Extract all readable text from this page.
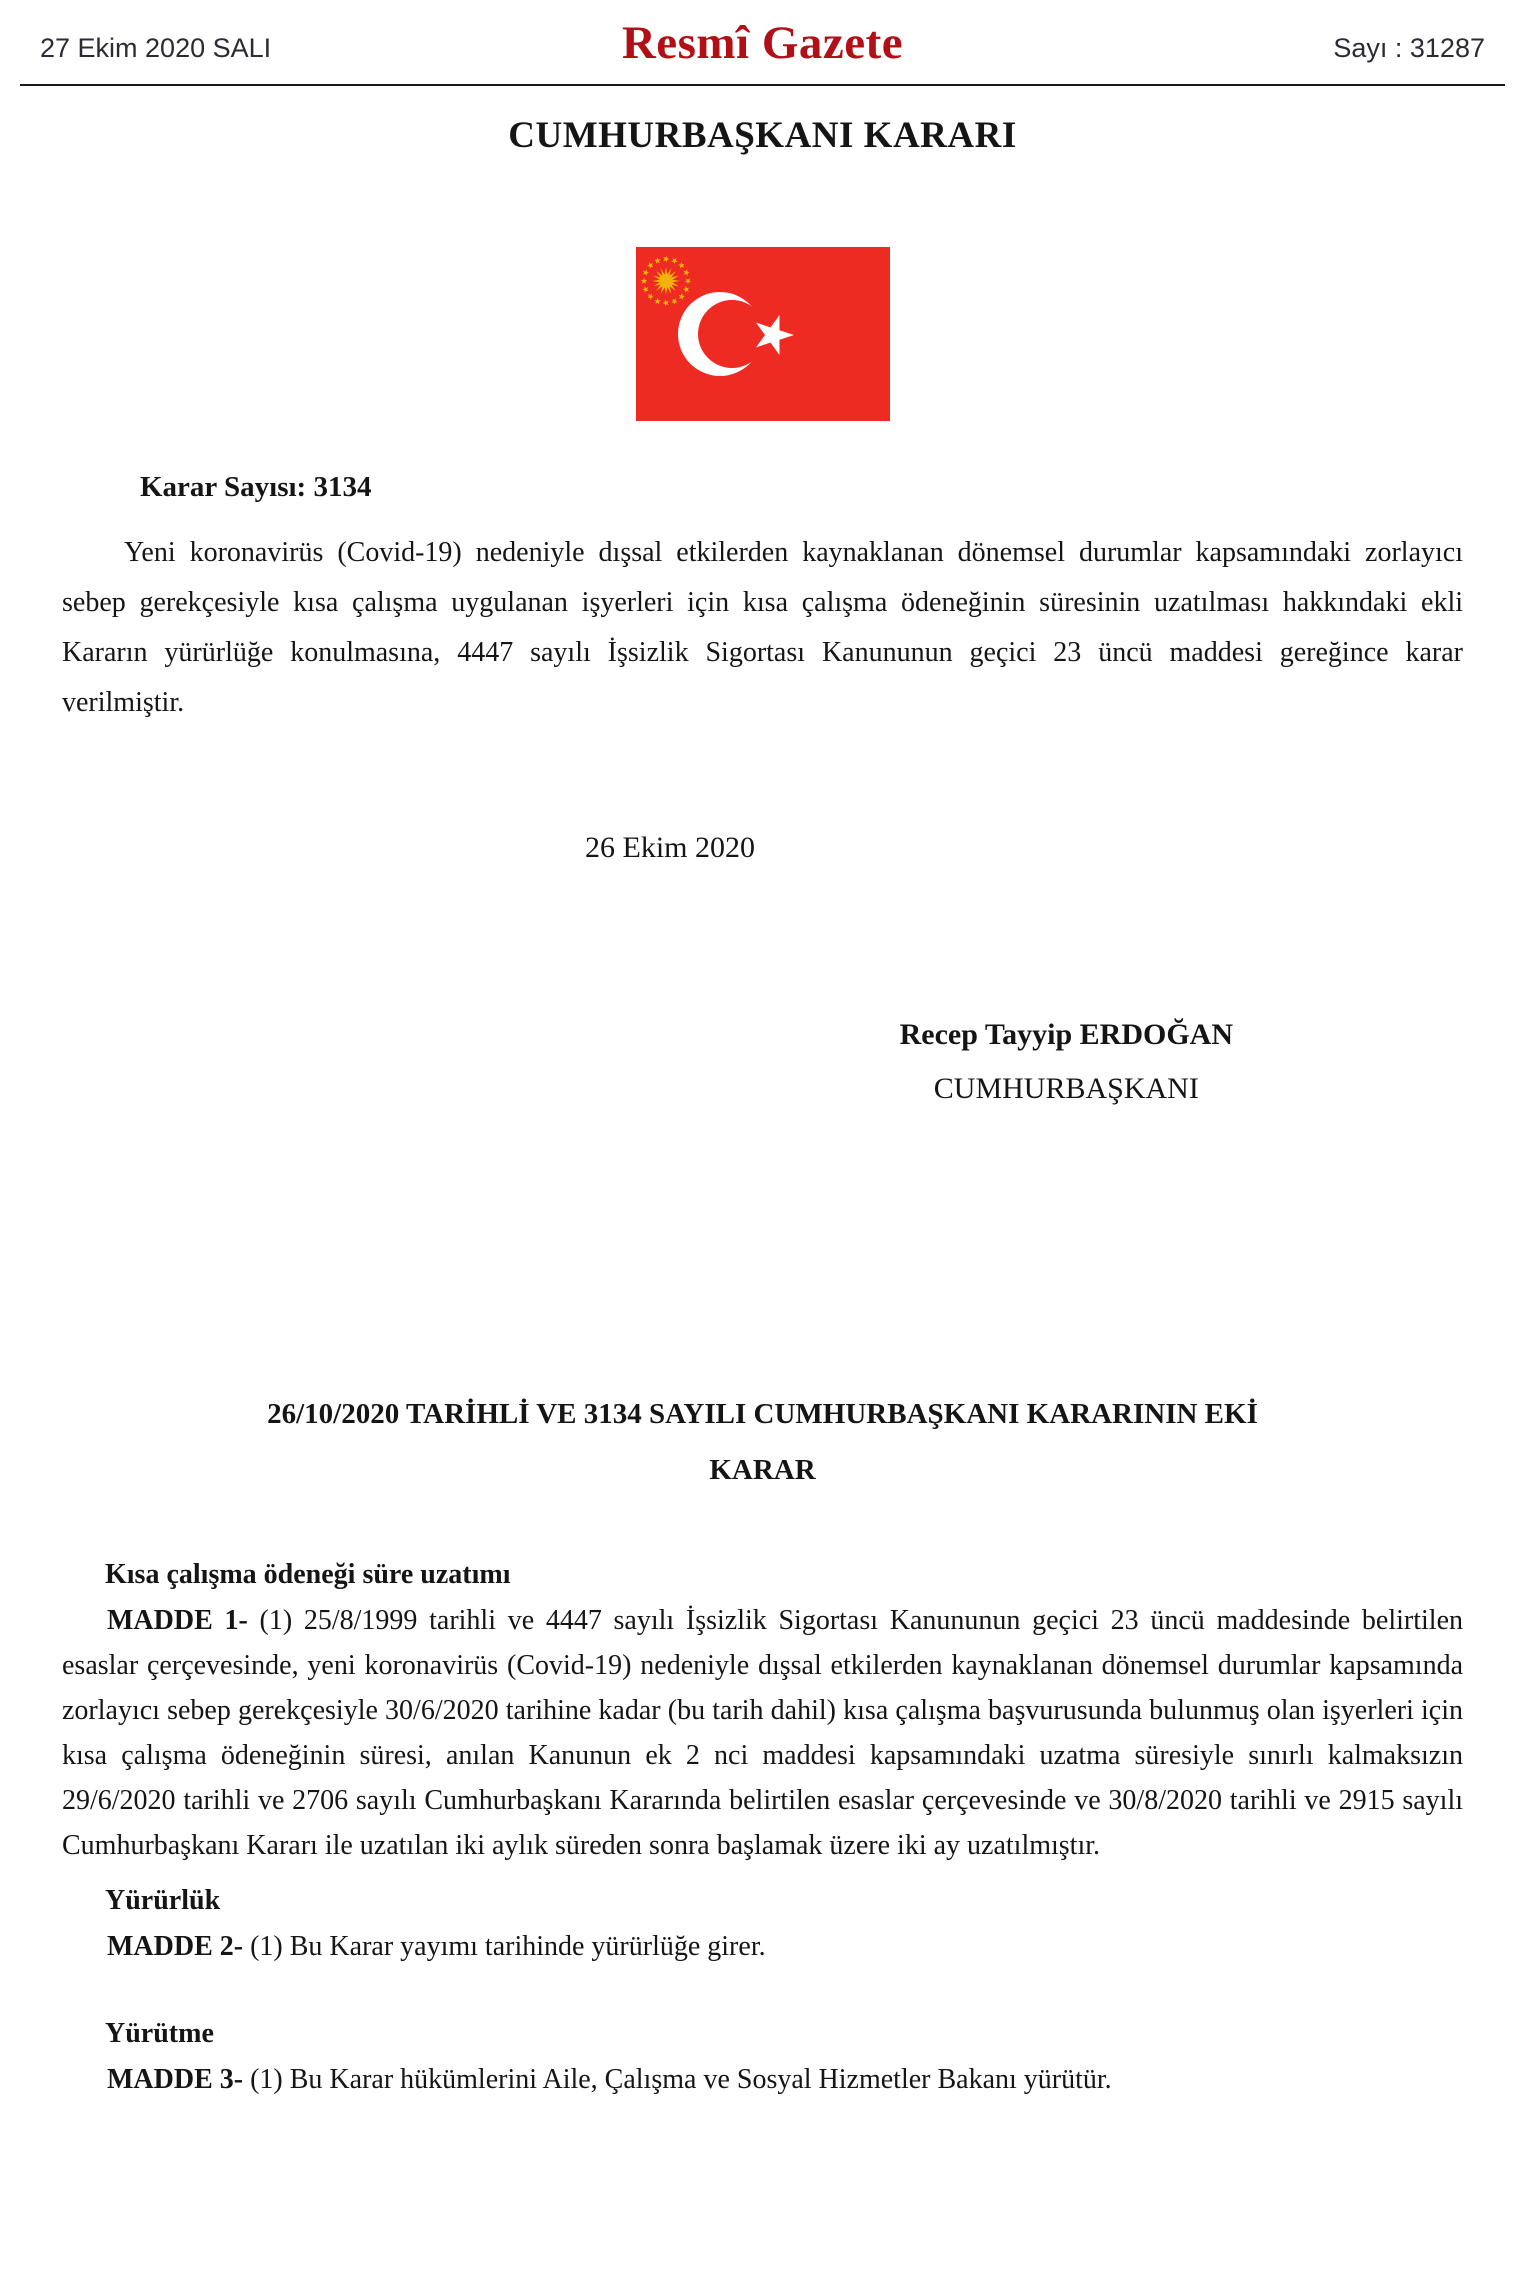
27 Ekim 2020 SALI	Resmî Gazete	Sayı : 31287
CUMHURBAŞKANI KARARI

Karar Sayısı: 3134

Yeni koronavirüs (Covid-19) nedeniyle dışsal etkilerden kaynaklanan dönemsel durumlar kapsamındaki zorlayıcı sebep gerekçesiyle kısa çalışma uygulanan işyerleri için kısa çalışma ödeneğinin süresinin uzatılması hakkındaki ekli Kararın yürürlüğe konulmasına, 4447 sayılı İşsizlik Sigortası Kanununun geçici 23 üncü maddesi gereğince karar verilmiştir.

26 Ekim 2020

Recep Tayyip ERDOĞAN
CUMHURBAŞKANI
26/10/2020 TARİHLİ VE 3134 SAYILI CUMHURBAŞKANI KARARININ EKİ
KARAR
Kısa çalışma ödeneği süre uzatımı

MADDE 1- (1) 25/8/1999 tarihli ve 4447 sayılı İşsizlik Sigortası Kanununun geçici 23 üncü maddesinde belirtilen esaslar çerçevesinde, yeni koronavirüs (Covid-19) nedeniyle dışsal etkilerden kaynaklanan dönemsel durumlar kapsamında zorlayıcı sebep gerekçesiyle 30/6/2020 tarihine kadar (bu tarih dahil) kısa çalışma başvurusunda bulunmuş olan işyerleri için kısa çalışma ödeneğinin süresi, anılan Kanunun ek 2 nci maddesi kapsamındaki uzatma süresiyle sınırlı kalmaksızın 29/6/2020 tarihli ve 2706 sayılı Cumhurbaşkanı Kararında belirtilen esaslar çerçevesinde ve 30/8/2020 tarihli ve 2915 sayılı Cumhurbaşkanı Kararı ile uzatılan iki aylık süreden sonra başlamak üzere iki ay uzatılmıştır.

Yürürlük

MADDE 2- (1) Bu Karar yayımı tarihinde yürürlüğe girer.

Yürütme

MADDE 3- (1) Bu Karar hükümlerini Aile, Çalışma ve Sosyal Hizmetler Bakanı yürütür.
